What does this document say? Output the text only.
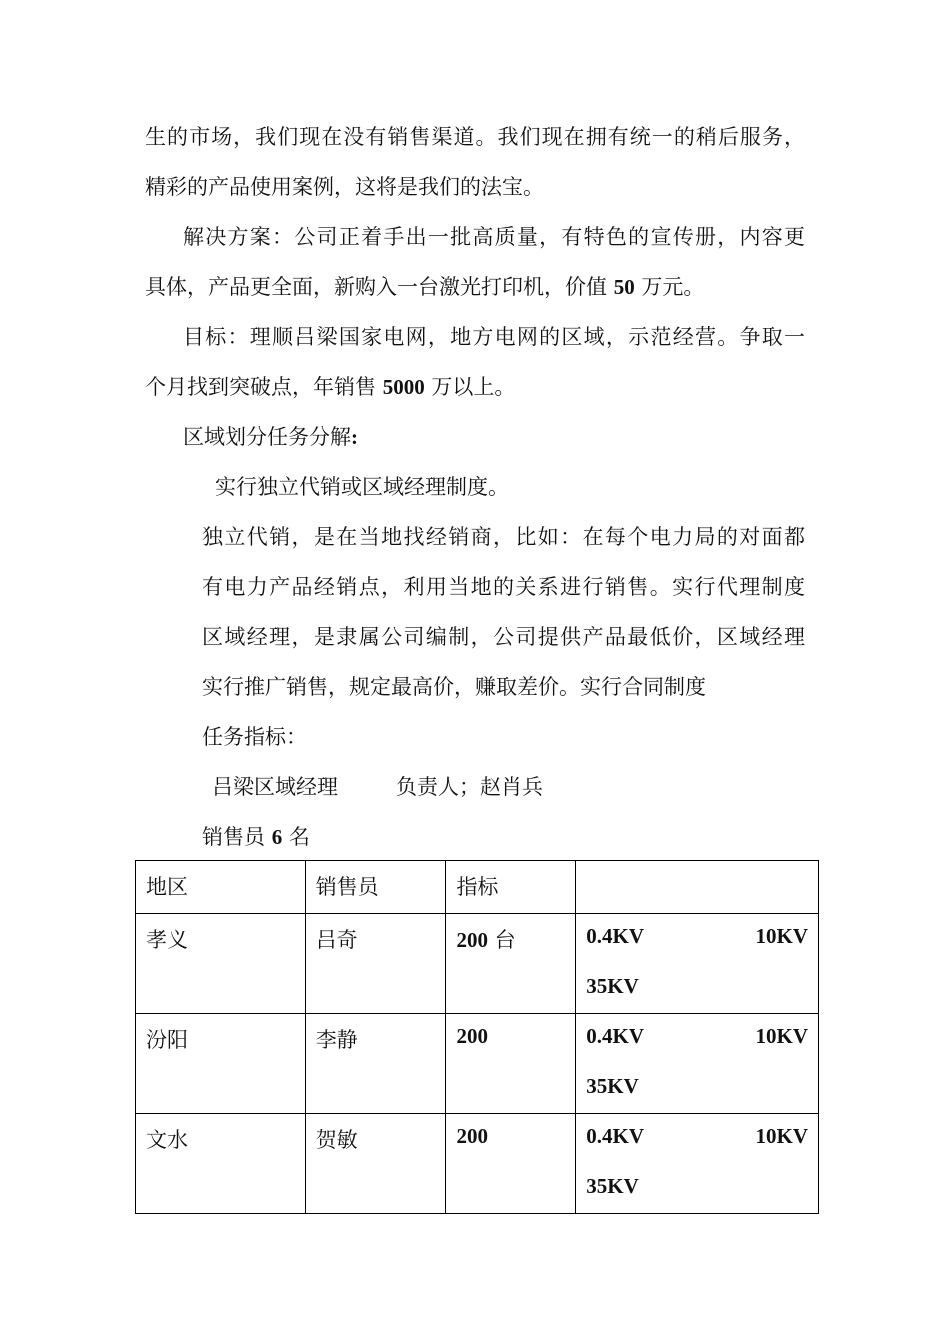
生的市场，我们现在没有销售渠道。我们现在拥有统一的稍后服务，
精彩的产品使用案例，这将是我们的法宝。
解决方案：公司正着手出一批高质量，有特色的宣传册，内容更
具体，产品更全面，新购入一台激光打印机，价值 50 万元。
目标：理顺吕梁国家电网，地方电网的区域，示范经营。争取一
个月找到突破点，年销售 5000 万以上。
区域划分任务分解:
实行独立代销或区域经理制度。
独立代销，是在当地找经销商，比如：在每个电力局的对面都
有电力产品经销点，利用当地的关系进行销售。实行代理制度
区域经理，是隶属公司编制，公司提供产品最低价，区域经理
实行推广销售，规定最高价，赚取差价。实行合同制度
任务指标：
吕梁区域经理	负责人；赵肖兵
销售员 6 名
地区	销售员	指标	
孝义	吕奇	200 台	0.4KV 10KV
35KV

汾阳	李静	200	0.4KV 10KV
35KV

文水	贺敏	200	0.4KV 10KV
35KV
